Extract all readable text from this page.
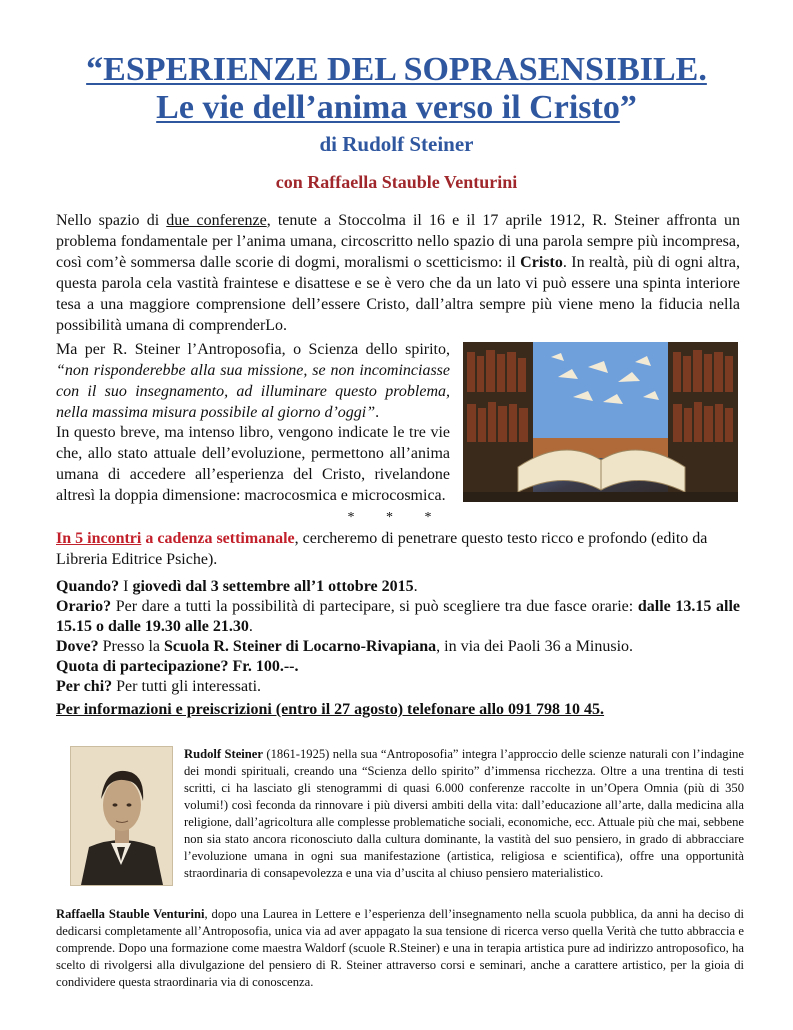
“ESPERIENZE DEL SOPRASENSIBILE.
Le vie dell’anima verso il Cristo”
di Rudolf Steiner
con Raffaella Stauble Venturini

Nello spazio di due conferenze, tenute a Stoccolma il 16 e il 17 aprile 1912, R. Steiner affronta un problema fondamentale per l’anima umana, circoscritto nello spazio di una parola sempre più incompresa, così com’è sommersa dalle scorie di dogmi, moralismi o scetticismo: il Cristo. In realtà, più di ogni altra, questa parola cela vastità fraintese e disattese e se è vero che da un lato vi può essere una spinta interiore tesa a una maggiore comprensione dell’essere Cristo, dall’altra sempre più viene meno la fiducia nella possibilità umana di comprenderLo.

Ma per R. Steiner l’Antroposofia, o Scienza dello spirito, “non risponderebbe alla sua missione, se non incominciasse con il suo insegnamento, ad illuminare questo problema, nella massima misura possibile al giorno d’oggi”.

In questo breve, ma intenso libro, vengono indicate le tre vie che, allo stato attuale dell’evoluzione, permettono all’anima umana di accedere all’esperienza del Cristo, rivelandone altresì la doppia dimensione: macrocosmica e microcosmica.

* * *

In 5 incontri a cadenza settimanale, cercheremo di penetrare questo testo ricco e profondo (edito da Libreria Editrice Psiche).

Quando? I giovedì dal 3 settembre all’1 ottobre 2015.
Orario? Per dare a tutti la possibilità di partecipare, si può scegliere tra due fasce orarie: dalle 13.15 alle 15.15 o dalle 19.30 alle 21.30.
Dove? Presso la Scuola R. Steiner di Locarno-Rivapiana, in via dei Paoli 36 a Minusio.
Quota di partecipazione? Fr. 100.--.
Per chi? Per tutti gli interessati.
Per informazioni e preiscrizioni (entro il 27 agosto) telefonare allo 091 798 10 45.

Rudolf Steiner (1861-1925) nella sua “Antroposofia” integra l’approccio delle scienze naturali con l’indagine dei mondi spirituali, creando una “Scienza dello spirito” d’immensa ricchezza. Oltre a una trentina di testi scritti, ci ha lasciato gli stenogrammi di quasi 6.000 conferenze raccolte in un’Opera Omnia (più di 350 volumi!) così feconda da rinnovare i più diversi ambiti della vita: dall’educazione all’arte, dalla medicina alla religione, dall’agricoltura alle complesse problematiche sociali, economiche, ecc. Attuale più che mai, sebbene non sia stato ancora riconosciuto dalla cultura dominante, la vastità del suo pensiero, in grado di abbracciare l’evoluzione umana in ogni sua manifestazione (artistica, religiosa e scientifica), offre una opportunità straordinaria di consapevolezza e una via d’uscita al chiuso pensiero materialistico.

Raffaella Stauble Venturini, dopo una Laurea in Lettere e l’esperienza dell’insegnamento nella scuola pubblica, da anni ha deciso di dedicarsi completamente all’Antroposofia, unica via ad aver appagato la sua tensione di ricerca verso quella Verità che tutto abbraccia e comprende. Dopo una formazione come maestra Waldorf (scuole R.Steiner) e una in terapia artistica pure ad indirizzo antroposofico, ha scelto di rivolgersi alla divulgazione del pensiero di R. Steiner attraverso corsi e seminari, anche a carattere artistico, per la gioia di condividere questa straordinaria via di conoscenza.
